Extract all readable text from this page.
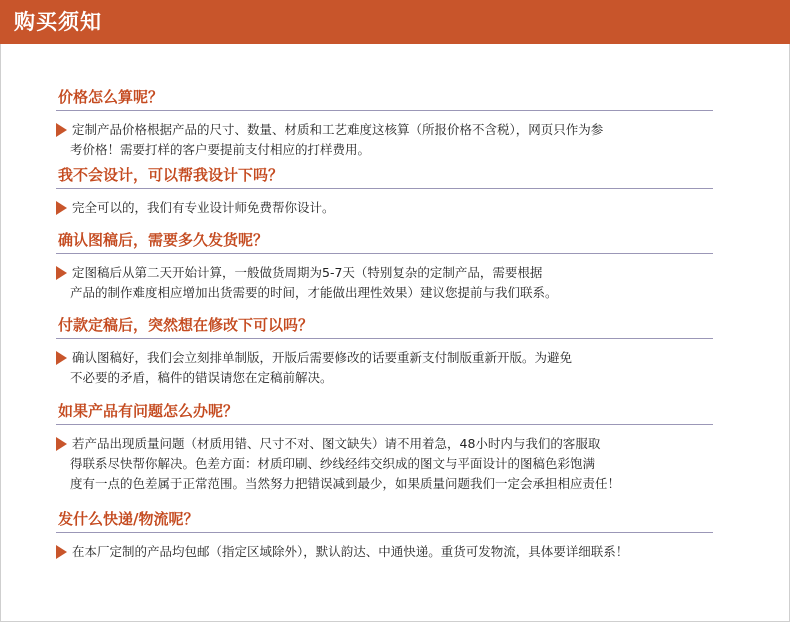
购买须知
价格怎么算呢？
定制产品价格根据产品的尺寸、数量、材质和工艺难度这核算（所报价格不含税），网页只作为参
考价格！需要打样的客户要提前支付相应的打样费用。
我不会设计，可以帮我设计下吗？
完全可以的，我们有专业设计师免费帮你设计。
确认图稿后，需要多久发货呢？
定图稿后从第二天开始计算，一般做货周期为5-7天（特别复杂的定制产品，需要根据
产品的制作难度相应增加出货需要的时间，才能做出理性效果）建议您提前与我们联系。
付款定稿后，突然想在修改下可以吗？
确认图稿好，我们会立刻排单制版，开版后需要修改的话要重新支付制版重新开版。为避免
不必要的矛盾，稿件的错误请您在定稿前解决。
如果产品有问题怎么办呢？
若产品出现质量问题（材质用错、尺寸不对、图文缺失）请不用着急，48小时内与我们的客服取
得联系尽快帮你解决。色差方面：材质印刷、纱线经纬交织成的图文与平面设计的图稿色彩饱满
度有一点的色差属于正常范围。当然努力把错误减到最少，如果质量问题我们一定会承担相应责任！
发什么快递/物流呢？
在本厂定制的产品均包邮（指定区域除外），默认韵达、中通快递。重货可发物流，具体要详细联系！
